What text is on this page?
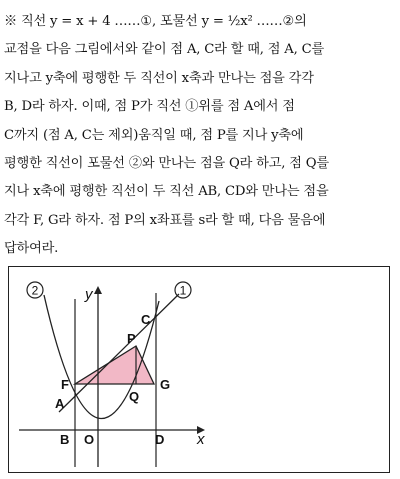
※ 직선 y = x + 4 ……①, 포물선 y = ½x² ……②의
교점을 다음 그림에서와 같이 점 A, C라 할 때, 점 A, C를
지나고 y축에 평행한 두 직선이 x축과 만나는 점을 각각
B, D라 하자. 이때, 점 P가 직선 ①위를 점 A에서 점
C까지 (점 A, C는 제외)움직일 때, 점 P를 지나 y축에
평행한 직선이 포물선 ②와 만나는 점을 Q라 하고, 점 Q를
지나 x축에 평행한 직선이 두 직선 AB, CD와 만나는 점을
각각 F, G라 하자. 점 P의 x좌표를 s라 할 때, 다음 물음에
답하여라.
2	1
y
x
C
P
F
A
G
Q
B O	D
